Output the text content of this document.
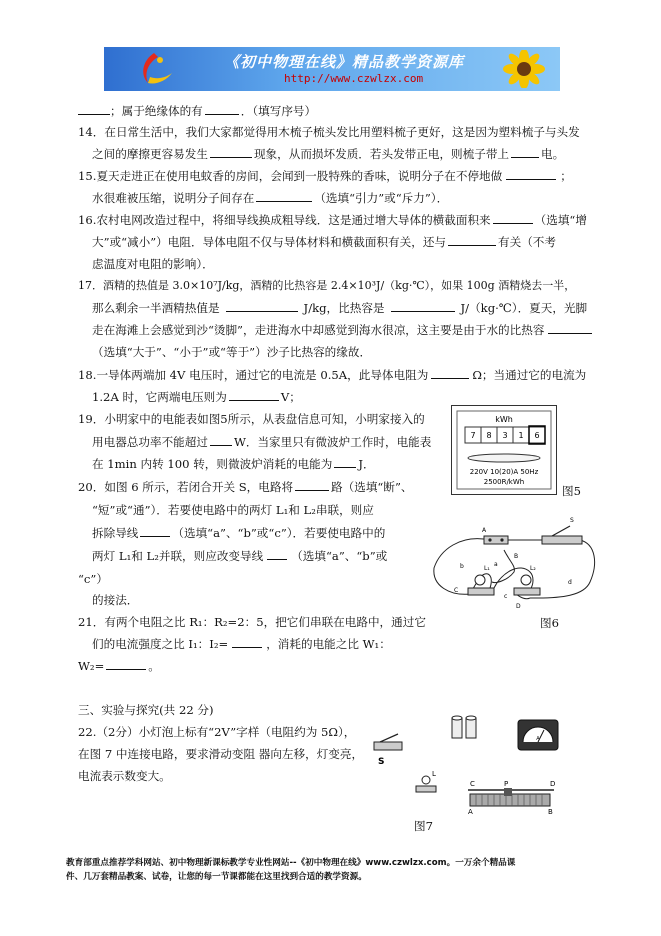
《初中物理在线》精品教学资源库
http://www.czwlzx.com
；属于绝缘体的有	．（填写序号）
14．在日常生活中，我们大家都觉得用木梳子梳头发比用塑料梳子更好，这是因为塑料梳子与头发
之间的摩擦更容易发生	现象，从而损坏发质．若头发带正电，则梳子带上	电。
15.夏天走进正在使用电蚊香的房间，会闻到一股特殊的香味，说明分子在不停地做	；
水很难被压缩，说明分子间存在	（选填“引力”或“斥力”）．
16.农村电网改造过程中，将细导线换成粗导线．这是通过增大导体的横截面积来	（选填“增
大”或“减小”）电阻．导体电阻不仅与导体材料和横截面积有关，还与	有关（不考
虑温度对电阻的影响）．
17．酒精的热值是 3.0×10⁷J/kg，酒精的比热容是 2.4×10³J/（kg·℃），如果 100g 酒精烧去一半，
那么剩余一半酒精热值是	J/kg，比热容是	J/（kg·℃）．夏天，光脚
走在海滩上会感觉到沙“烫脚”，走进海水中却感觉到海水很凉，这主要是由于水的比热容
（选填“大于”、“小于”或“等于”）沙子比热容的缘故．
18.一导体两端加 4V 电压时，通过它的电流是 0.5A，此导体电阻为	Ω；当通过它的电流为
1.2A 时，它两端电压则为	V；
19．小明家中的电能表如图5所示，从表盘信息可知，小明家接入的
用电器总功率不能超过 W．当家里只有微波炉工作时，电能表
在 1min 内转 100 转，则微波炉消耗的电能为 J．
20．如图 6 所示，若闭合开关 S，电路将	路（选填“断”、
“短”或“通”）．若要使电路中的两灯 L₁和 L₂串联，则应
拆除导线	（选填“a”、“b”或“c”）．若要使电路中的
两灯 L₁和 L₂并联，则应改变导线 （选填“a”、“b”或
“c”）
的接法．
21．有两个电阻之比 R₁：R₂=2：5，把它们串联在电路中，通过它
们的电流强度之比 I₁：I₂=	，消耗的电能之比 W₁：
W₂=	。
三、实验与探究(共 22 分)
22.（2分）小灯泡上标有“2V”字样（电阻约为 5Ω），
在图 7 中连接电路，要求滑动变阻 器向左移，灯变亮，
电流表示数变大。
kWh
7 8 3 1 6
220V 10(20)A 50Hz
2500R/kWh
图5
S
A
B
C
D
L₁	L₂
a
b
c
d
图6
A
S
L
C	P	D
A	B
图7
教育部重点推荐学科网站、初中物理新课标教学专业性网站--《初中物理在线》www.czwlzx.com。一万余个精品课
件、几万套精品教案、试卷，让您的每一节课都能在这里找到合适的教学资源。
